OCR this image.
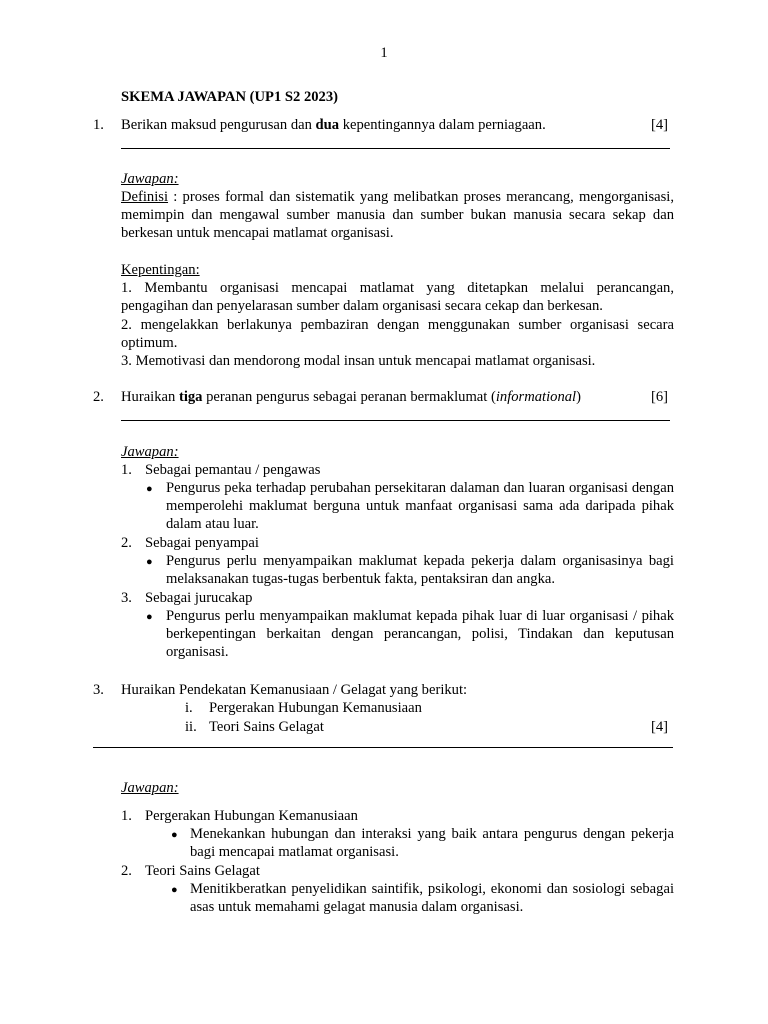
1
SKEMA JAWAPAN (UP1 S2 2023)
1. Berikan maksud pengurusan dan dua kepentingannya dalam perniagaan.	[4]
Jawapan:
Definisi : proses formal dan sistematik yang melibatkan proses merancang, mengorganisasi, memimpin dan mengawal sumber manusia dan sumber bukan manusia secara sekap dan berkesan untuk mencapai matlamat organisasi.
Kepentingan:
1. Membantu organisasi mencapai matlamat yang ditetapkan melalui perancangan, pengagihan dan penyelarasan sumber dalam organisasi secara cekap dan berkesan.
2. mengelakkan berlakunya pembaziran dengan menggunakan sumber organisasi secara optimum.
3. Memotivasi dan mendorong modal insan untuk mencapai matlamat organisasi.
2. Huraikan tiga peranan pengurus sebagai peranan bermaklumat (informational)	[6]
Jawapan:
1. Sebagai pemantau / pengawas
● Pengurus peka terhadap perubahan persekitaran dalaman dan luaran organisasi dengan memperolehi maklumat berguna untuk manfaat organisasi sama ada daripada pihak dalam atau luar.
2. Sebagai penyampai
● Pengurus perlu menyampaikan maklumat kepada pekerja dalam organisasinya bagi melaksanakan tugas-tugas berbentuk fakta, pentaksiran dan angka.
3. Sebagai jurucakap
● Pengurus perlu menyampaikan maklumat kepada pihak luar di luar organisasi / pihak berkepentingan berkaitan dengan perancangan, polisi, Tindakan dan keputusan organisasi.
3. Huraikan Pendekatan Kemanusiaan / Gelagat yang berikut:
i. Pergerakan Hubungan Kemanusiaan
ii. Teori Sains Gelagat	[4]
Jawapan:
1. Pergerakan Hubungan Kemanusiaan
● Menekankan hubungan dan interaksi yang baik antara pengurus dengan pekerja bagi mencapai matlamat organisasi.
2. Teori Sains Gelagat
● Menitikberatkan penyelidikan saintifik, psikologi, ekonomi dan sosiologi sebagai asas untuk memahami gelagat manusia dalam organisasi.
